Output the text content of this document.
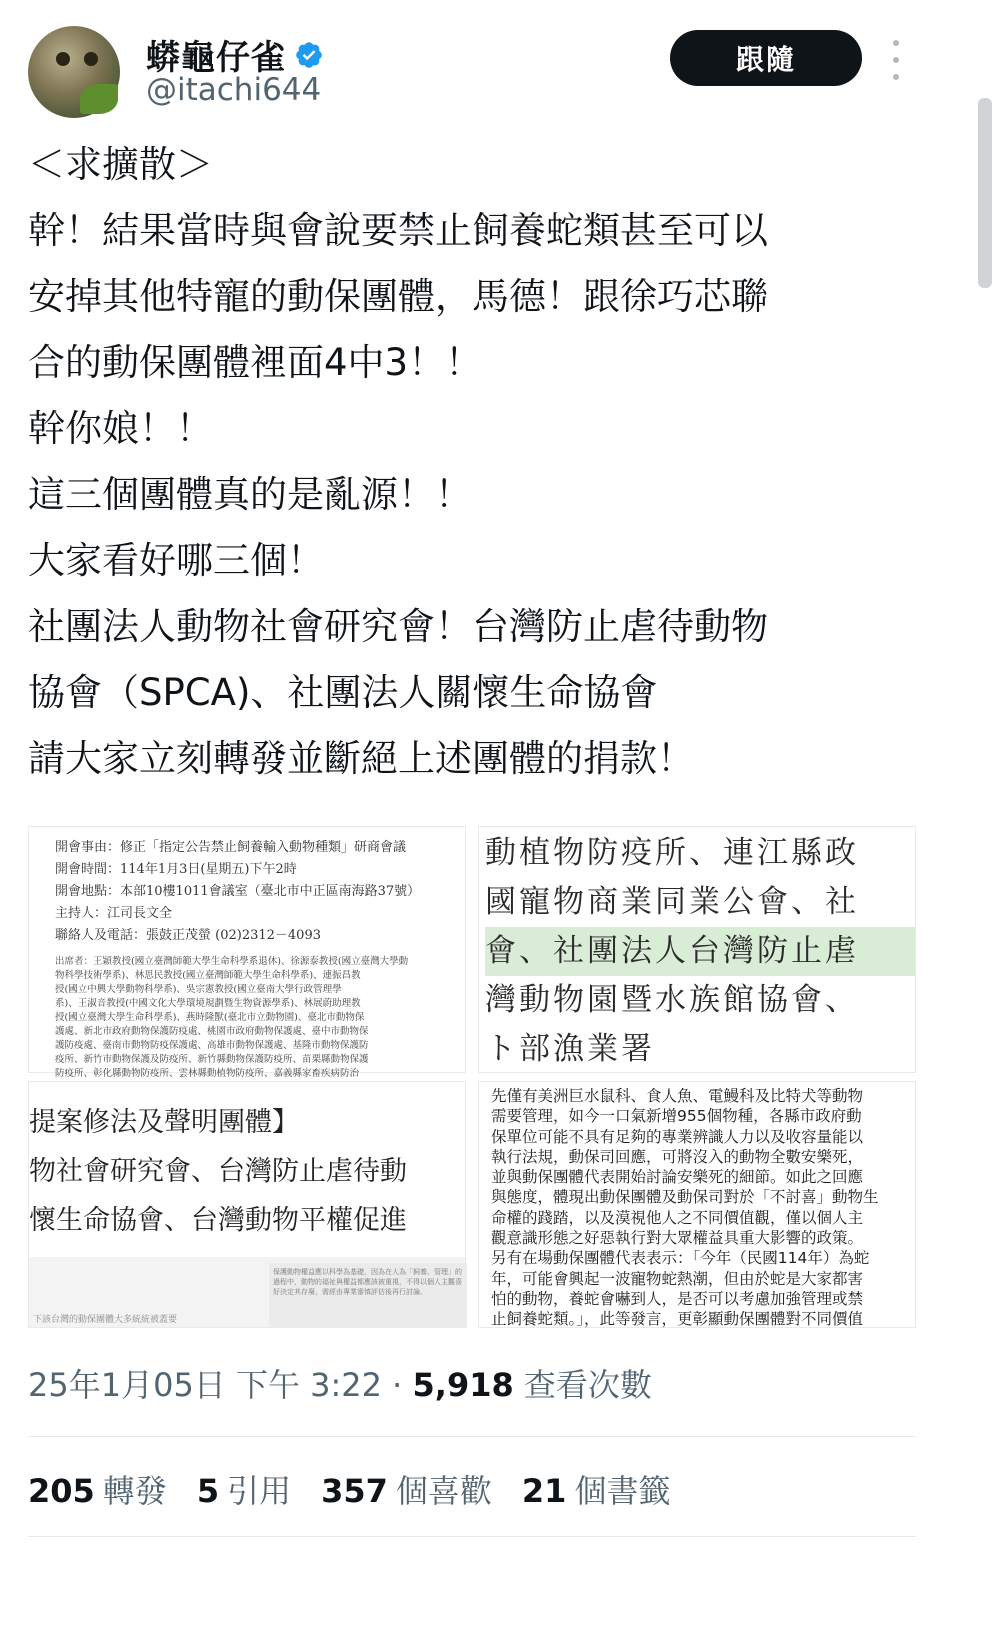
蟒龜仔雀
@itachi644
跟隨
＜求擴散＞
幹！結果當時與會說要禁止飼養蛇類甚至可以
安掉其他特寵的動保團體，馬德！跟徐巧芯聯
合的動保團體裡面4中3！！
幹你娘！！
這三個團體真的是亂源！！
大家看好哪三個！
社團法人動物社會研究會！台灣防止虐待動物
協會（SPCA)、社團法人關懷生命協會
請大家立刻轉發並斷絕上述團體的捐款！
開會事由：修正「指定公告禁止飼養輸入動物種類」研商會議
開會時間：114年1月3日(星期五)下午2時
開會地點：本部10樓1011會議室（臺北市中正區南海路37號）
主持人：江司長文全
聯絡人及電話：張鼓正茂螢 (02)2312－4093
出席者：王穎教授(國立臺灣師範大學生命科學系退休)、徐源泰教授(國立臺灣大學動
物科學技術學系)、林思民教授(國立臺灣師範大學生命科學系)、連振昌教
授(國立中興大學動物科學系)、吳宗憲教授(國立臺南大學行政管理學
系)、王淑音教授(中國文化大學環境規劃暨生物資源學系)、林展蔚助理教
授(國立臺灣大學生命科學系)、燕時隆獸(臺北市立動物園)、臺北市動物保
護處、新北市政府動物保護防疫處、桃園市政府動物保護處、臺中市動物保
護防疫處、臺南市動物防疫保護處、高雄市動物保護處、基隆市動物保護防
疫所、新竹市動物保護及防疫所、新竹縣動物保護防疫所、苗栗縣動物保護
防疫所、彰化縣動物防疫所、雲林縣動植物防疫所、嘉義縣家畜疾病防治
動植物防疫所、連江縣政
國寵物商業同業公會、社
會、社團法人台灣防止虐
灣動物園暨水族館協會、
ト部漁業署
提案修法及聲明團體】
物社會研究會、台灣防止虐待動
懷生命協會、台灣動物平權促進
保護動物權益應以科學為基礎，因為在人為「飼養、管理」的過程中，動物的福祉與權益都應該被重視，不得以個人主觀喜好決定其存廢，需經由專業審慎評估後再行討論。
下該台灣的動保團體大多統統被蓋要
先僅有美洲巨水鼠科、食人魚、電鰻科及比特犬等動物
需要管理，如今一口氣新增955個物種，各縣市政府動
保單位可能不具有足夠的專業辨識人力以及收容量能以
執行法規，動保司回應，可將沒入的動物全數安樂死，
並與動保團體代表開始討論安樂死的細節。如此之回應
與態度，體現出動保團體及動保司對於「不討喜」動物生
命權的踐踏，以及漠視他人之不同價值觀，僅以個人主
觀意識形態之好惡執行對大眾權益具重大影響的政策。
另有在場動保團體代表表示：「今年（民國114年）為蛇
年，可能會興起一波寵物蛇熱潮，但由於蛇是大家都害
怕的動物，養蛇會嚇到人，是否可以考慮加強管理或禁
止飼養蛇類。」，此等發言，更彰顯動保團體對不同價值
25年1月05日 下午 3:22 · 5,918 查看次數
205 轉發 5 引用 357 個喜歡 21 個書籤
